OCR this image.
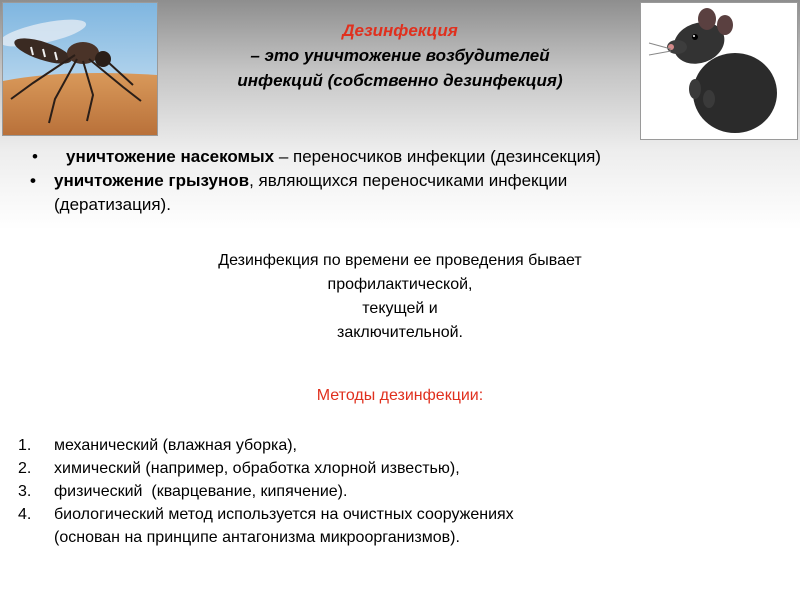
Дезинфекция
– это уничтожение возбудителей
инфекций (собственно дезинфекция)
• уничтожение насекомых – переносчиков инфекции (дезинсекция)
• уничтожение грызунов, являющихся переносчиками инфекции
(дератизация).
Дезинфекция по времени ее проведения бывает
профилактической,
текущей и
заключительной.
Методы дезинфекции:
1. механический (влажная уборка),
2. химический (например, обработка хлорной известью),
3. физический  (кварцевание, кипячение).
4. биологический метод используется на очистных сооружениях
(основан на принципе антагонизма микроорганизмов).
